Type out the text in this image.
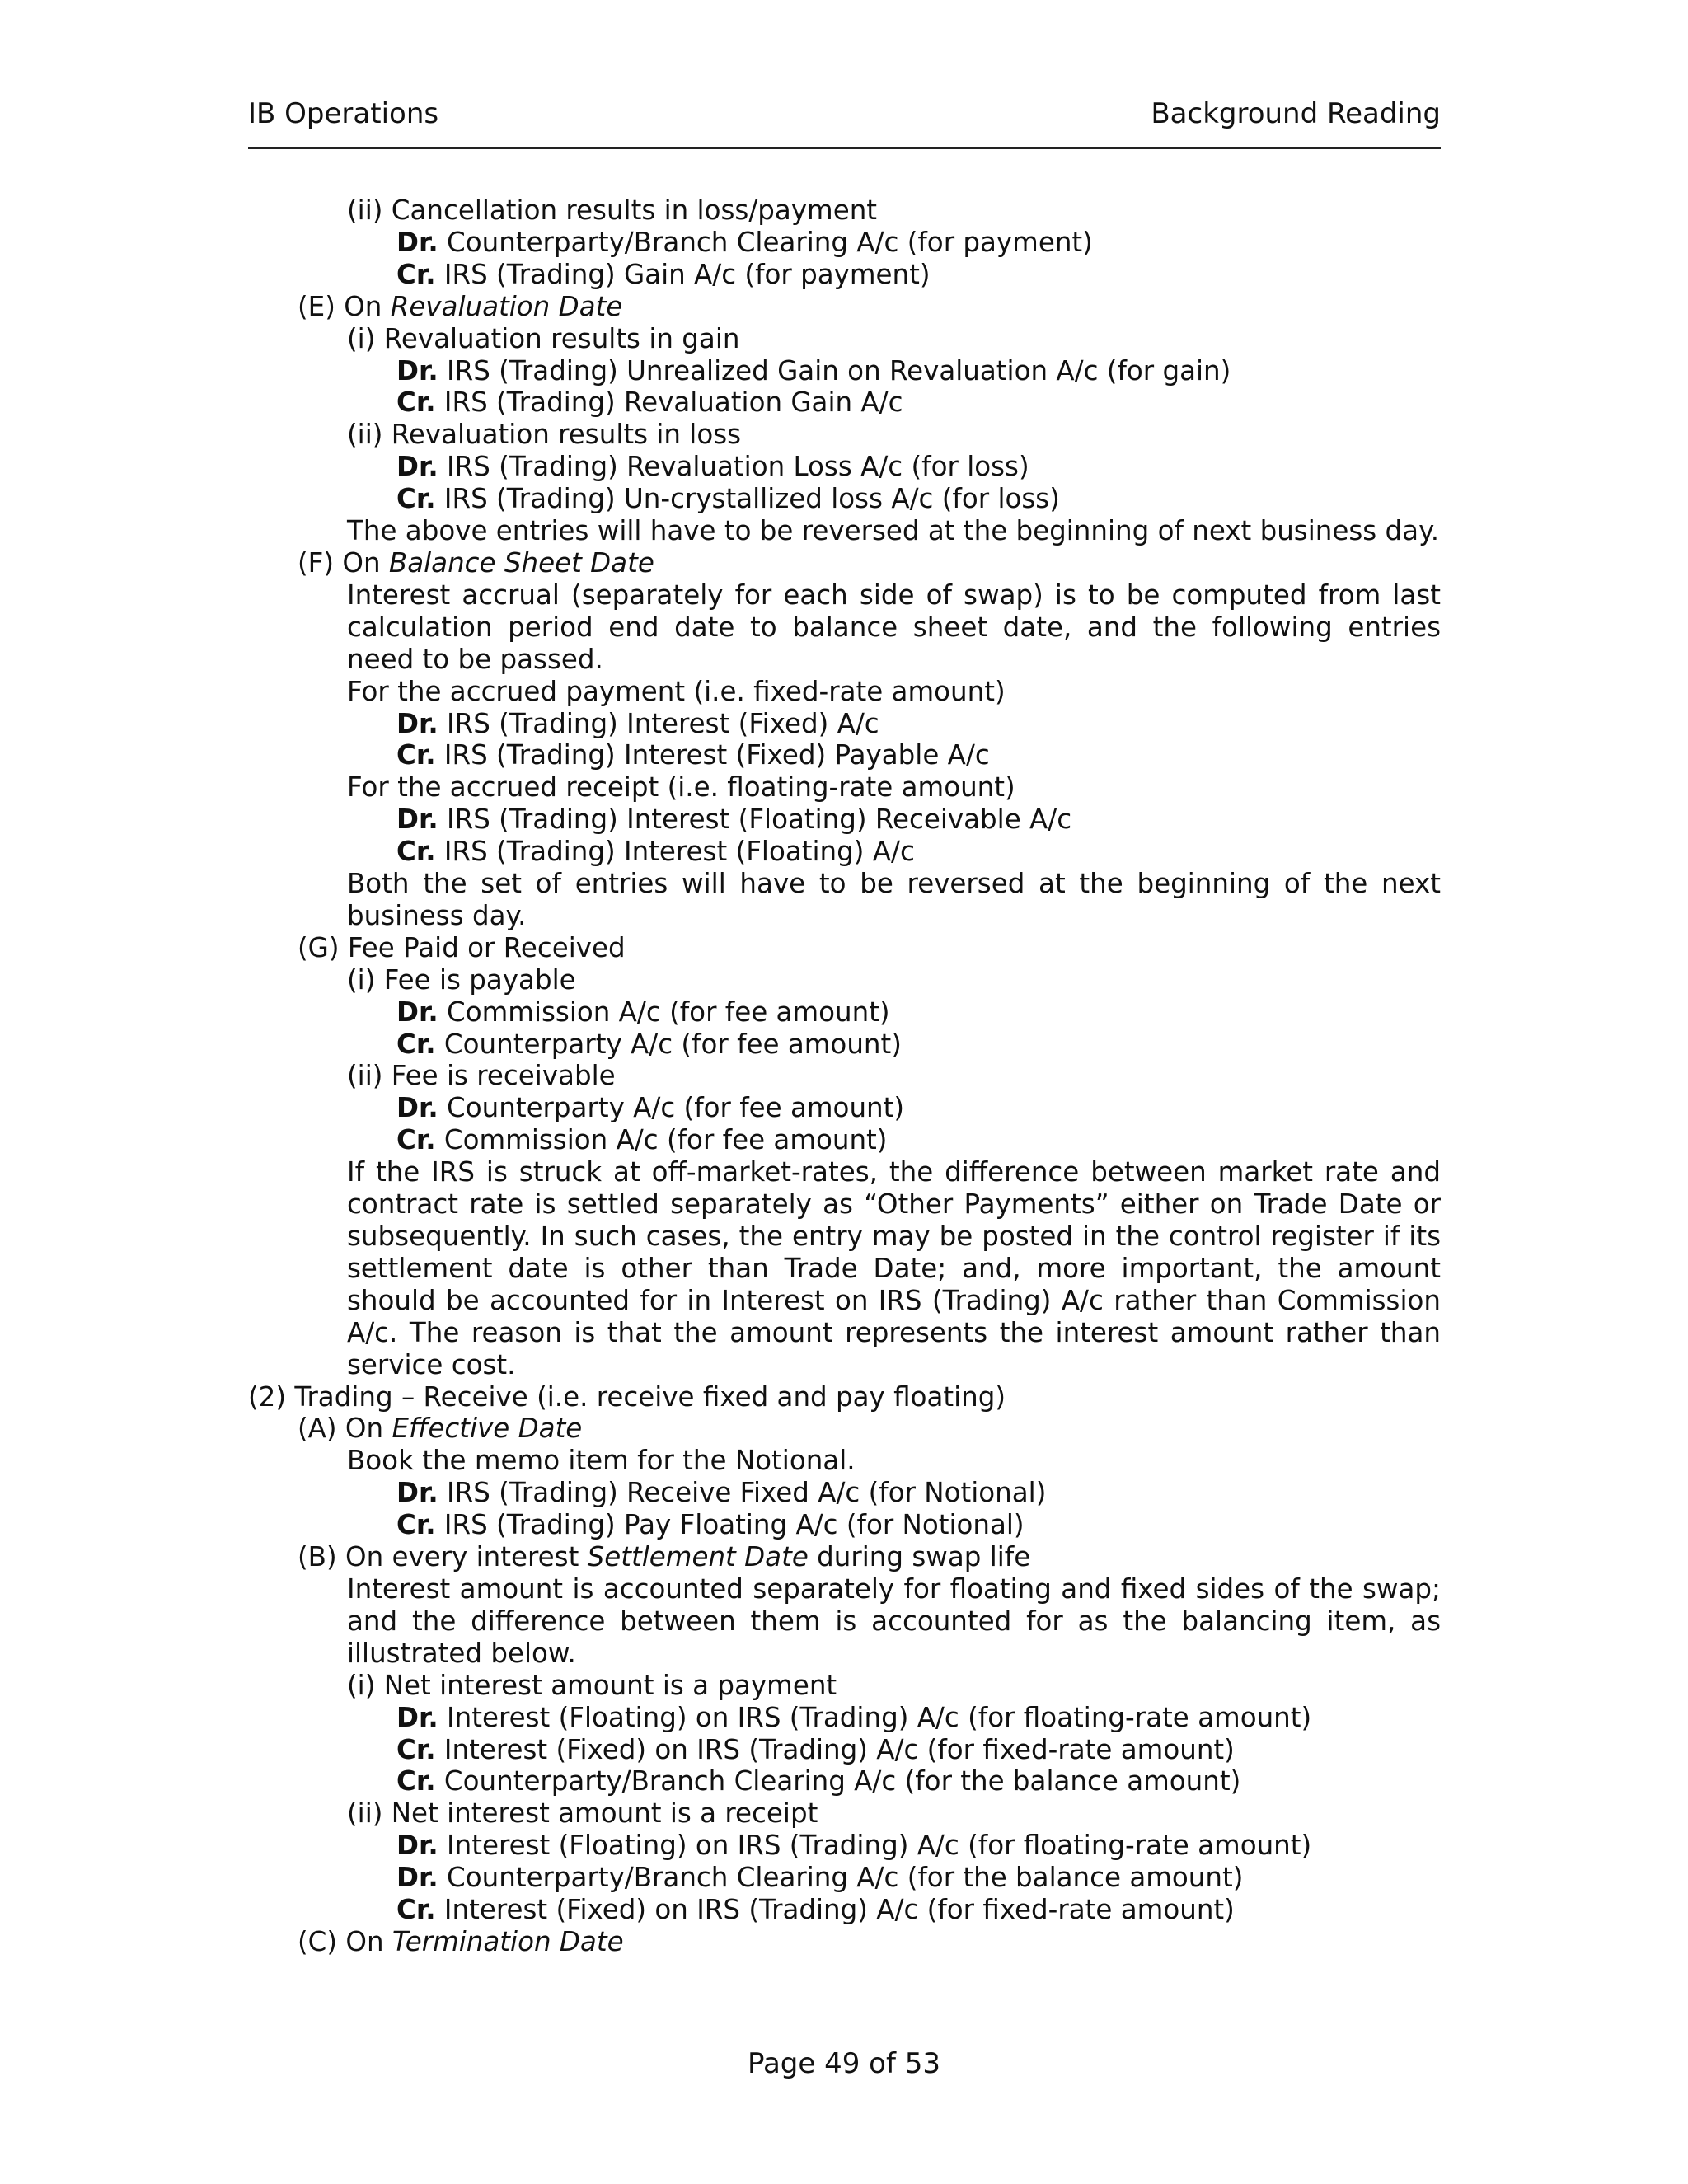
IB Operations	Background Reading
(ii) Cancellation results in loss/payment
Dr. Counterparty/Branch Clearing A/c (for payment)
Cr. IRS (Trading) Gain A/c (for payment)
(E) On Revaluation Date
(i) Revaluation results in gain
Dr. IRS (Trading) Unrealized Gain on Revaluation A/c (for gain)
Cr. IRS (Trading) Revaluation Gain A/c
(ii) Revaluation results in loss
Dr. IRS (Trading) Revaluation Loss A/c (for loss)
Cr. IRS (Trading) Un-crystallized loss A/c (for loss)
The above entries will have to be reversed at the beginning of next business day.
(F) On Balance Sheet Date
Interest accrual (separately for each side of swap) is to be computed from last calculation period end date to balance sheet date, and the following entries need to be passed.
For the accrued payment (i.e. fixed-rate amount)
Dr. IRS (Trading) Interest (Fixed) A/c
Cr. IRS (Trading) Interest (Fixed) Payable A/c
For the accrued receipt (i.e. floating-rate amount)
Dr. IRS (Trading) Interest (Floating) Receivable A/c
Cr. IRS (Trading) Interest (Floating) A/c
Both the set of entries will have to be reversed at the beginning of the next business day.
(G) Fee Paid or Received
(i) Fee is payable
Dr. Commission A/c (for fee amount)
Cr. Counterparty A/c (for fee amount)
(ii) Fee is receivable
Dr. Counterparty A/c (for fee amount)
Cr. Commission A/c (for fee amount)
If the IRS is struck at off-market-rates, the difference between market rate and contract rate is settled separately as “Other Payments” either on Trade Date or subsequently. In such cases, the entry may be posted in the control register if its settlement date is other than Trade Date; and, more important, the amount should be accounted for in Interest on IRS (Trading) A/c rather than Commission A/c. The reason is that the amount represents the interest amount rather than service cost.
(2) Trading – Receive (i.e. receive fixed and pay floating)
(A) On Effective Date
Book the memo item for the Notional.
Dr. IRS (Trading) Receive Fixed A/c (for Notional)
Cr. IRS (Trading) Pay Floating A/c (for Notional)
(B) On every interest Settlement Date during swap life
Interest amount is accounted separately for floating and fixed sides of the swap; and the difference between them is accounted for as the balancing item, as illustrated below.
(i) Net interest amount is a payment
Dr. Interest (Floating) on IRS (Trading) A/c (for floating-rate amount)
Cr. Interest (Fixed) on IRS (Trading) A/c (for fixed-rate amount)
Cr. Counterparty/Branch Clearing A/c (for the balance amount)
(ii) Net interest amount is a receipt
Dr. Interest (Floating) on IRS (Trading) A/c (for floating-rate amount)
Dr. Counterparty/Branch Clearing A/c (for the balance amount)
Cr. Interest (Fixed) on IRS (Trading) A/c (for fixed-rate amount)
(C) On Termination Date
Page 49 of 53
